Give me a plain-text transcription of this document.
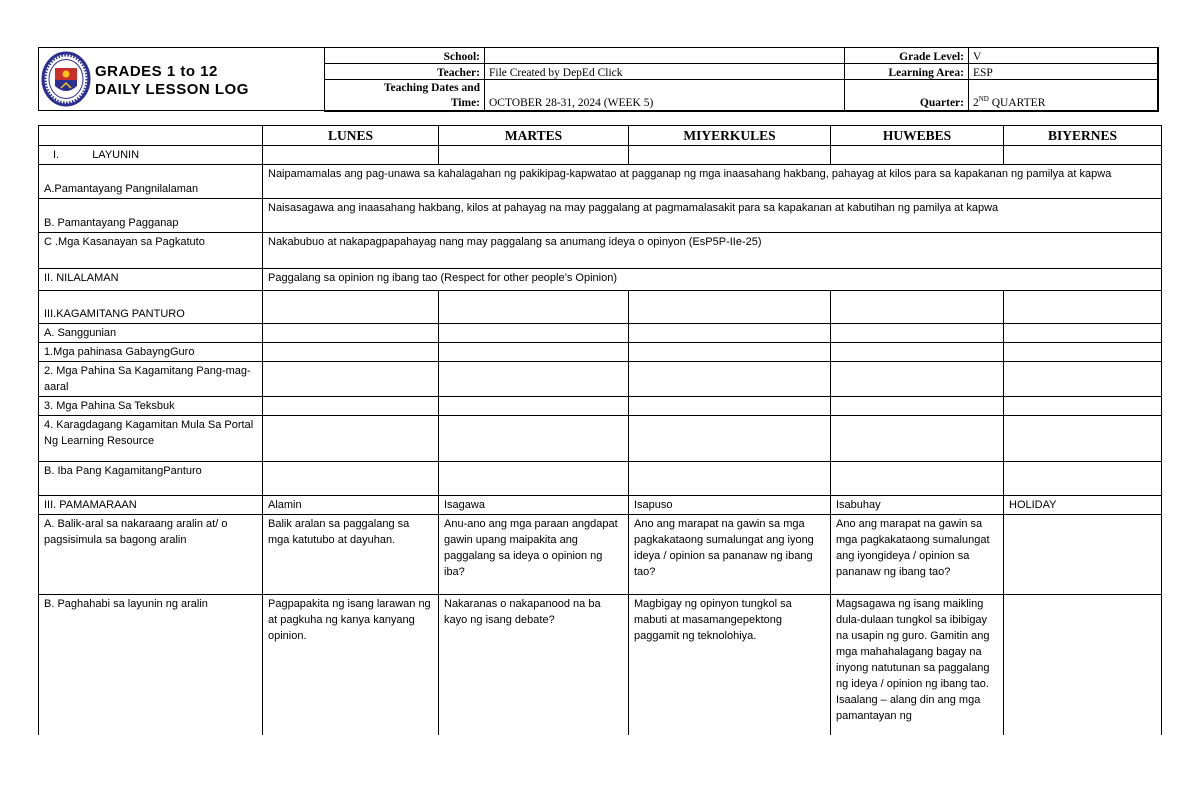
GRADES 1 to 12
DAILY LESSON LOG
School:		Grade Level:	V
Teacher:	File Created by DepEd Click	Learning Area:	ESP
Teaching Dates and
Time:	OCTOBER 28-31, 2024 (WEEK 5)	Quarter:	2ND QUARTER
	LUNES	MARTES	MIYERKULES	HUWEBES	BIYERNES
I. LAYUNIN					
A.Pamantayang Pangnilalaman	Naipamamalas ang pag-unawa sa kahalagahan ng pakikipag-kapwatao at pagganap ng mga inaasahang hakbang, pahayag at kilos para sa kapakanan ng pamilya at kapwa				
B. Pamantayang Pagganap	Naisasagawa ang inaasahang hakbang, kilos at pahayag na may paggalang at pagmamalasakit para sa kapakanan at kabutihan ng pamilya at kapwa				
C .Mga Kasanayan sa Pagkatuto	Nakabubuo at nakapagpapahayag nang may paggalang sa anumang ideya o opinyon (EsP5P-IIe-25)				
II. NILALAMAN	Paggalang sa opinion ng ibang tao (Respect for other people’s Opinion)				
III.KAGAMITANG PANTURO					
A. Sanggunian					
1.Mga pahinasa GabayngGuro					
2. Mga Pahina Sa Kagamitang Pang-mag-aaral					
3. Mga Pahina Sa Teksbuk					
4. Karagdagang Kagamitan Mula Sa Portal Ng Learning Resource					
B. Iba Pang KagamitangPanturo					
III. PAMAMARAAN	Alamin	Isagawa	Isapuso	Isabuhay	HOLIDAY
A. Balik-aral sa nakaraang aralin at/ o pagsisimula sa bagong aralin	Balik aralan sa paggalang sa mga katutubo at dayuhan.	Anu-ano ang mga paraan angdapat gawin upang maipakita ang paggalang sa ideya o opinion ng iba?	Ano ang marapat na gawin sa mga pagkakataong sumalungat ang iyong ideya / opinion sa pananaw ng ibang tao?	Ano ang marapat na gawin sa mga pagkakataong sumalungat ang iyongideya / opinion sa pananaw ng ibang tao?	
B. Paghahabi sa layunin ng aralin	Pagpapakita ng isang larawan ng at pagkuha ng kanya kanyang opinion.	Nakaranas o nakapanood na ba kayo ng isang debate?	Magbigay ng opinyon tungkol sa mabuti at masamangepektong paggamit ng teknolohiya.	Magsagawa ng isang maikling dula-dulaan tungkol sa ibibigay na usapin ng guro. Gamitin ang mga mahahalagang bagay na inyong natutunan sa paggalang ng ideya / opinion ng ibang tao. Isaalang – alang din ang mga pamantayan ng	
